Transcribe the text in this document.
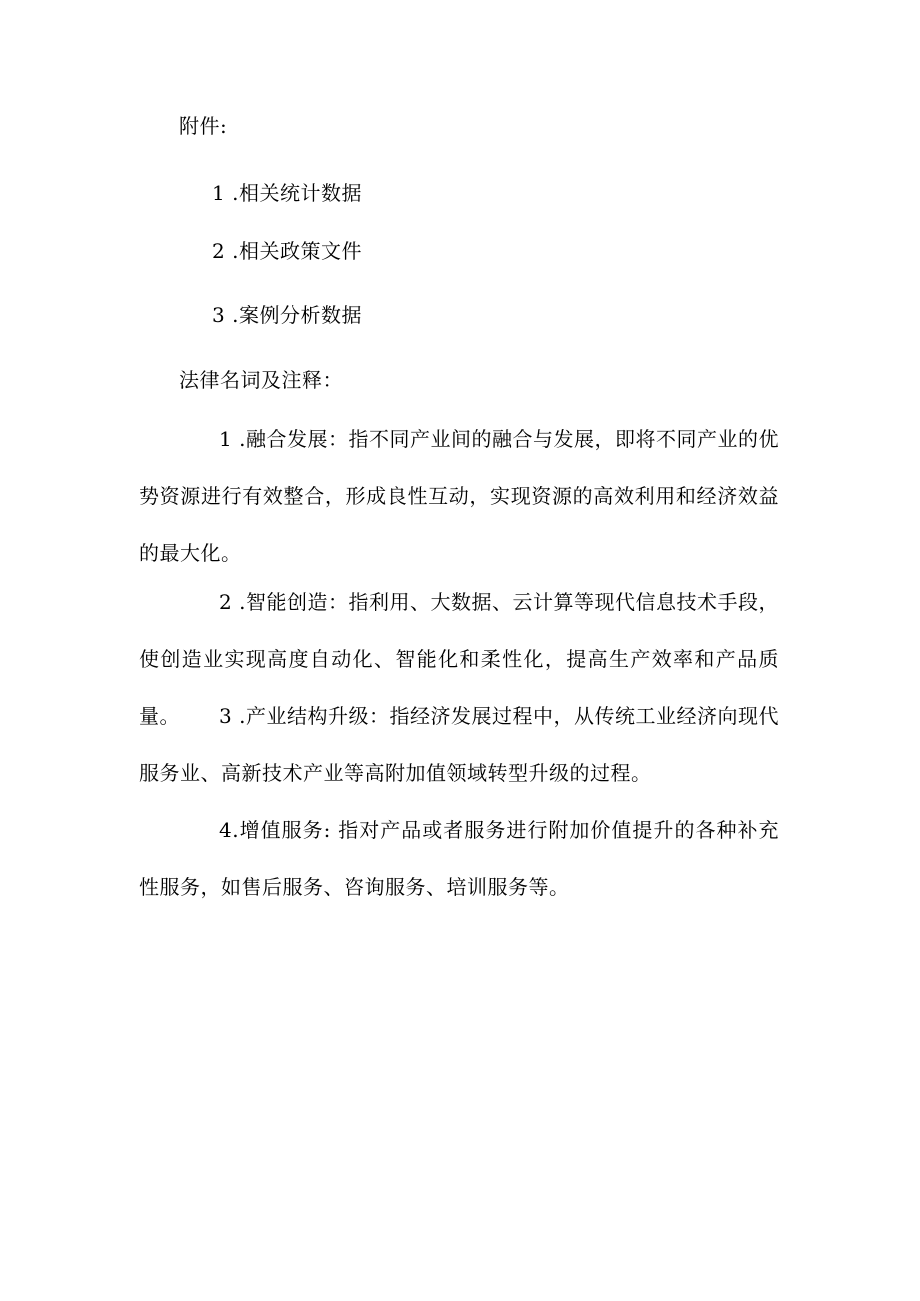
附件:
1 .相关统计数据
2 .相关政策文件
3 .案例分析数据
法律名词及注释：
1 .融合发展：指不同产业间的融合与发展，即将不同产业的优势资源进行有效整合，形成良性互动，实现资源的高效利用和经济效益的最大化。
2 .智能创造：指利用、大数据、云计算等现代信息技术手段，使创造业实现高度自动化、智能化和柔性化，提高生产效率和产品质量。	3 .产业结构升级：指经济发展过程中，从传统工业经济向现代服务业、高新技术产业等高附加值领域转型升级的过程。
4.增值服务: 指对产品或者服务进行附加价值提升的各种补充性服务，如售后服务、咨询服务、培训服务等。
